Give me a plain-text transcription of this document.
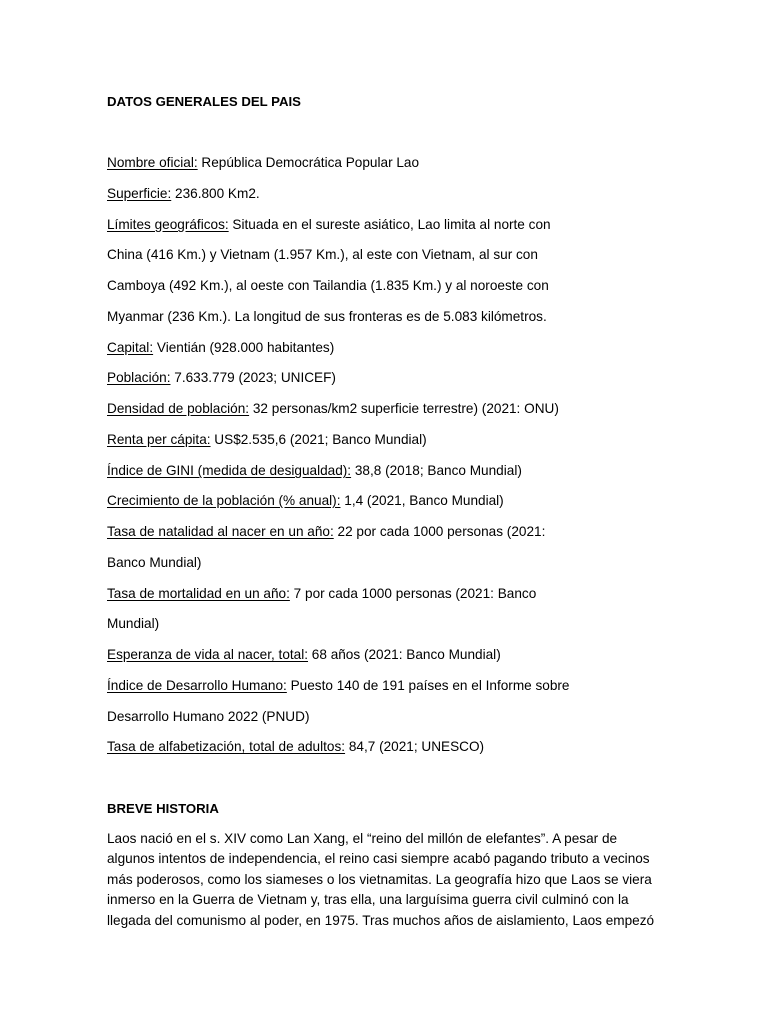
DATOS GENERALES DEL PAIS
Nombre oficial: República Democrática Popular Lao
Superficie: 236.800 Km2.
Límites geográficos: Situada en el sureste asiático, Lao limita al norte con
China (416 Km.) y Vietnam (1.957 Km.), al este con Vietnam, al sur con
Camboya (492 Km.), al oeste con Tailandia (1.835 Km.) y al noroeste con
Myanmar (236 Km.). La longitud de sus fronteras es de 5.083 kilómetros.
Capital: Vientián (928.000 habitantes)
Población: 7.633.779 (2023; UNICEF)
Densidad de población: 32 personas/km2 superficie terrestre) (2021: ONU)
Renta per cápita: US$2.535,6 (2021; Banco Mundial)
Índice de GINI (medida de desigualdad): 38,8 (2018; Banco Mundial)
Crecimiento de la población (% anual): 1,4 (2021, Banco Mundial)
Tasa de natalidad al nacer en un año: 22 por cada 1000 personas (2021:
Banco Mundial)
Tasa de mortalidad en un año: 7 por cada 1000 personas (2021: Banco
Mundial)
Esperanza de vida al nacer, total: 68 años (2021: Banco Mundial)
Índice de Desarrollo Humano: Puesto 140 de 191 países en el Informe sobre
Desarrollo Humano 2022 (PNUD)
Tasa de alfabetización, total de adultos: 84,7 (2021; UNESCO)
BREVE HISTORIA
Laos nació en el s. XIV como Lan Xang, el “reino del millón de elefantes”. A pesar de algunos intentos de independencia, el reino casi siempre acabó pagando tributo a vecinos más poderosos, como los siameses o los vietnamitas. La geografía hizo que Laos se viera inmerso en la Guerra de Vietnam y, tras ella, una larguísima guerra civil culminó con la llegada del comunismo al poder, en 1975. Tras muchos años de aislamiento, Laos empezó
